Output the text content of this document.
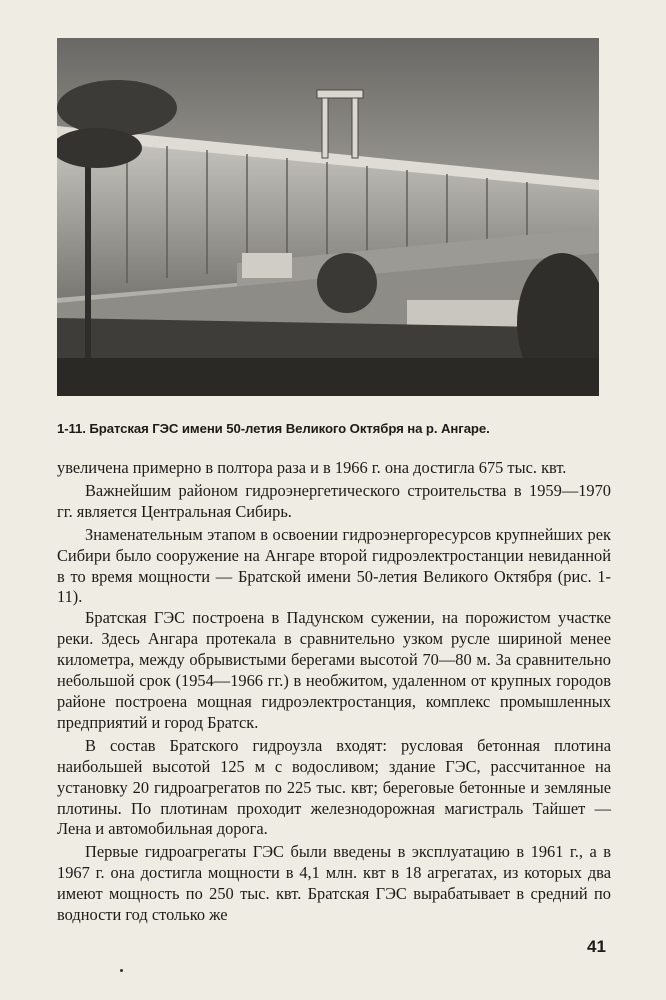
1-11. Братская ГЭС имени 50-летия Великого Октября на р. Ангаре.

увеличена примерно в полтора раза и в 1966 г. она достигла 675 тыс. квт.

Важнейшим районом гидроэнергетического строительства в 1959—1970 гг. является Центральная Сибирь.

Знаменательным этапом в освоении гидроэнергоресурсов крупнейших рек Сибири было сооружение на Ангаре второй гидроэлектростанции невиданной в то время мощности — Братской имени 50-летия Великого Октября (рис. 1-11).

Братская ГЭС построена в Падунском сужении, на порожистом участке реки. Здесь Ангара протекала в сравнительно узком русле шириной менее километра, между обрывистыми берегами высотой 70—80 м. За сравнительно небольшой срок (1954—1966 гг.) в необжитом, удаленном от крупных городов районе построена мощная гидроэлектростанция, комплекс промышленных предприятий и город Братск.

В состав Братского гидроузла входят: русловая бетонная плотина наибольшей высотой 125 м с водосливом; здание ГЭС, рассчитанное на установку 20 гидроагрегатов по 225 тыс. квт; береговые бетонные и земляные плотины. По плотинам проходит железнодорожная магистраль Тайшет — Лена и автомобильная дорога.

Первые гидроагрегаты ГЭС были введены в эксплуатацию в 1961 г., а в 1967 г. она достигла мощности в 4,1 млн. квт в 18 агрегатах, из которых два имеют мощность по 250 тыс. квт. Братская ГЭС вырабатывает в средний по водности год столько же

41
